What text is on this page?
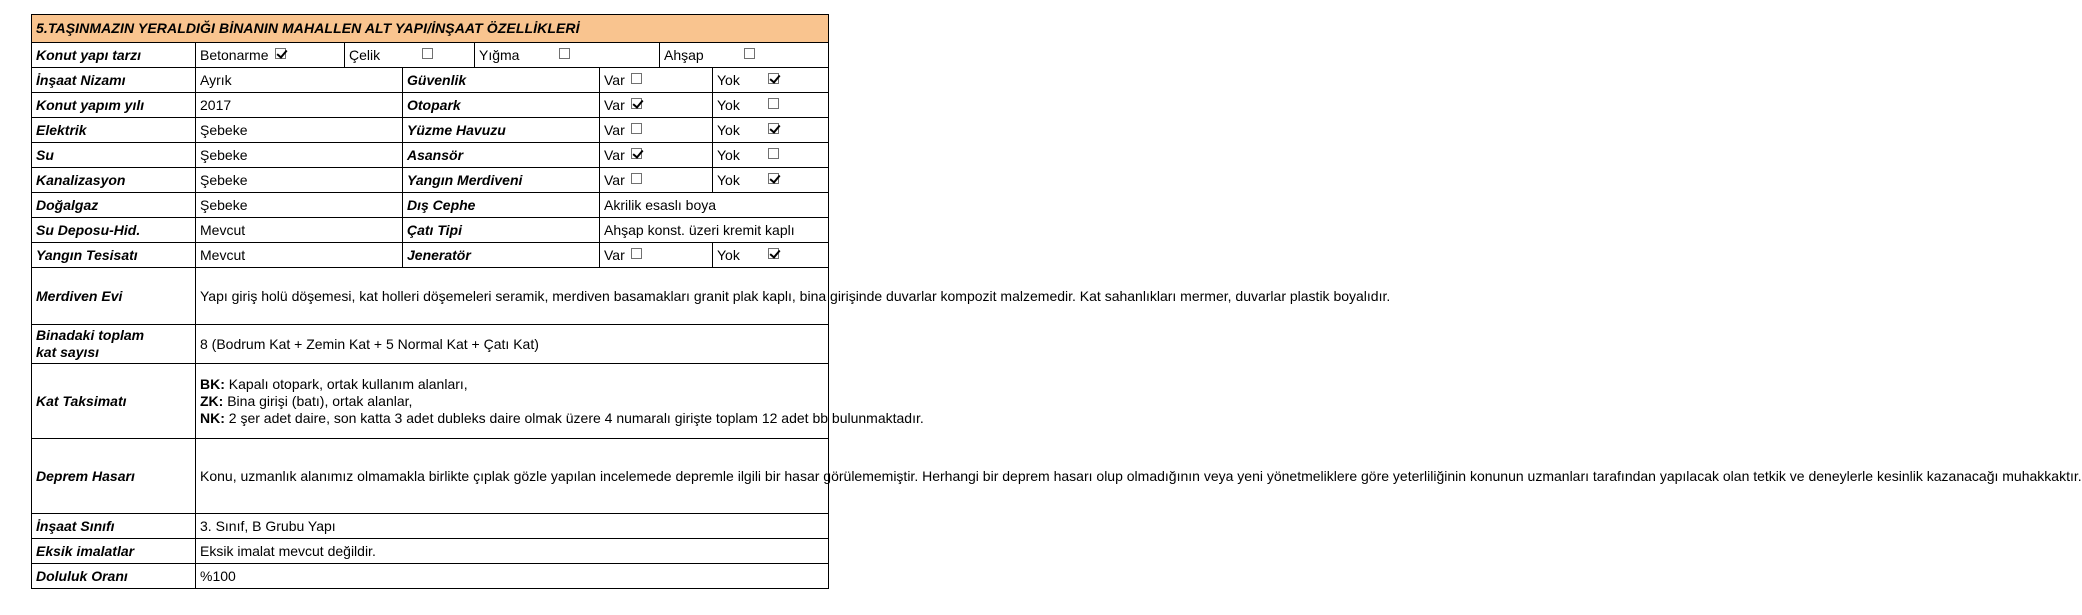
5.TAŞINMAZIN YERALDIĞI BİNANIN MAHALLEN ALT YAPI/İNŞAAT ÖZELLİKLERİ							
Konut yapı tarzı	Betonarme	Çelik		Yığma		Ahşap	
İnşaat Nizamı	Ayrık		Güvenlik		Var		Yok
Konut yapım yılı	2017		Otopark		Var		Yok
Elektrik	Şebeke		Yüzme Havuzu		Var		Yok
Su	Şebeke		Asansör		Var		Yok
Kanalizasyon	Şebeke		Yangın Merdiveni		Var		Yok
Doğalgaz	Şebeke		Dış Cephe		Akrilik esaslı boya		
Su Deposu-Hid.	Mevcut		Çatı Tipi		Ahşap konst. üzeri kremit kaplı		
Yangın Tesisatı	Mevcut		Jeneratör		Var		Yok
Merdiven Evi	Yapı giriş holü döşemesi, kat holleri döşemeleri seramik, merdiven basamakları granit plak kaplı, bina girişinde duvarlar kompozit malzemedir. Kat sahanlıkları mermer, duvarlar plastik boyalıdır.						
Binadaki toplam
kat sayısı	8 (Bodrum Kat + Zemin Kat + 5 Normal Kat + Çatı Kat)						
Kat Taksimatı	BK: Kapalı otopark, ortak kullanım alanları,
ZK: Bina girişi (batı), ortak alanlar,
NK: 2 şer adet daire, son katta 3 adet dubleks daire olmak üzere 4 numaralı girişte toplam 12 adet bb bulunmaktadır.						

Deprem Hasarı	Konu, uzmanlık alanımız olmamakla birlikte çıplak gözle yapılan incelemede depremle ilgili bir hasar görülememiştir. Herhangi bir deprem hasarı olup olmadığının veya yeni yönetmeliklere göre yeterliliğinin konunun uzmanları tarafından yapılacak olan tetkik ve deneylerle kesinlik kazanacağı muhakkaktır.						
İnşaat Sınıfı	3. Sınıf, B Grubu Yapı						
Eksik imalatlar	Eksik imalat mevcut değildir.						
Doluluk Oranı	%100						
